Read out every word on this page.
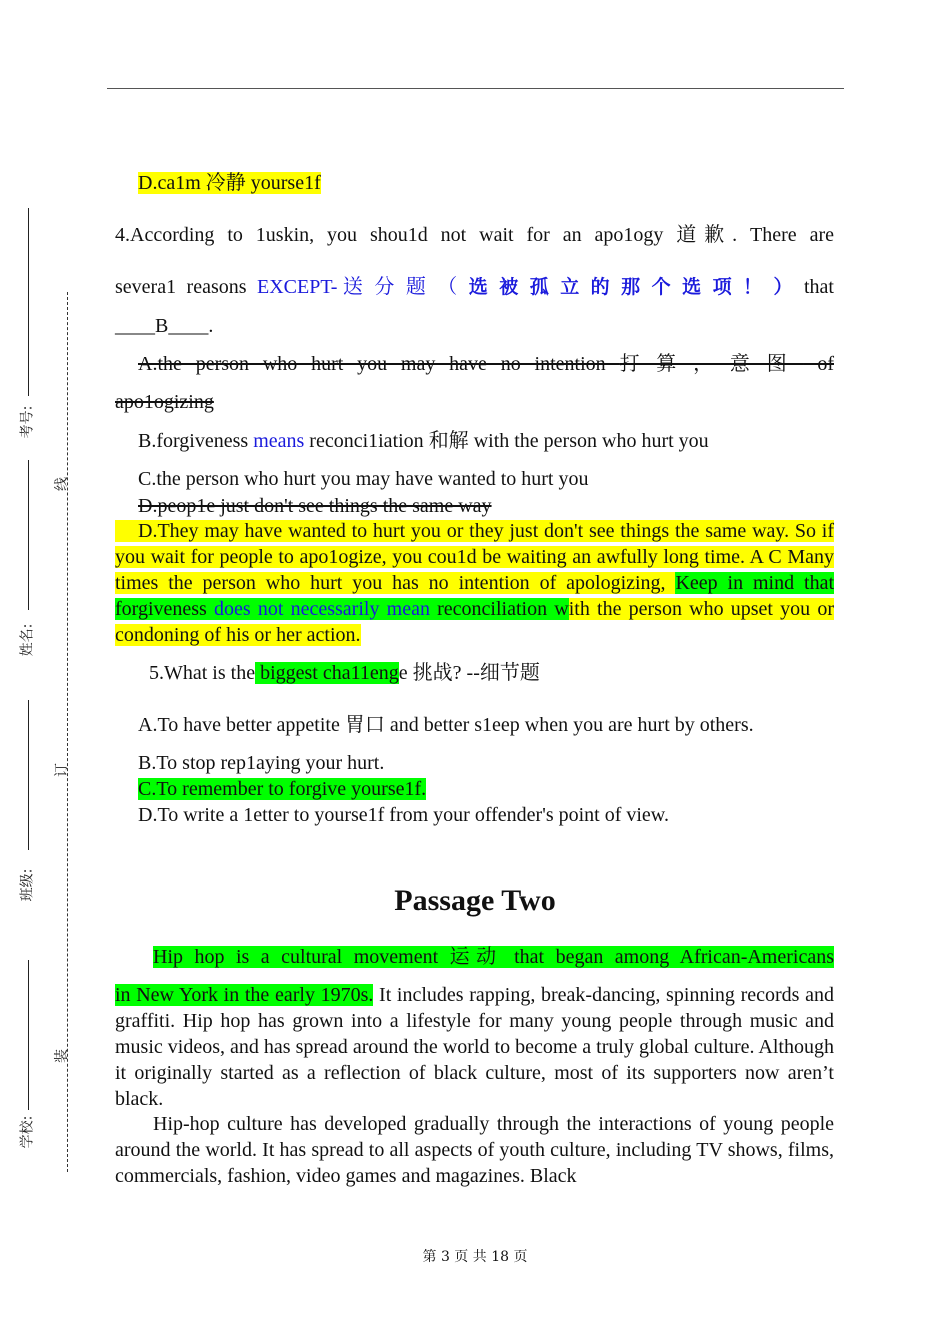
考号:
姓名:
班级:
学校:
线
订
装
D.ca1m 冷静 yourse1f
4.According to 1uskin, you shou1d not wait for an apo1ogy 道歉. There are
severa1 reasons EXCEPT-送分题（选被孤立的那个选项！）that
____B____.
A.the person who hurt you may have no intention 打算，意图 of
apo1ogizing
B.forgiveness means reconci1iation 和解 with the person who hurt you
C.the person who hurt you may have wanted to hurt you
D.peop1e just don't see things the same way
D.They may have wanted to hurt you or they just don't see things the same way. So if you wait for people to apo1ogize, you cou1d be waiting an awfully long time. A C Many times the person who hurt you has no intention of apologizing, Keep in mind that forgiveness does not necessarily mean reconciliation with the person who upset you or condoning of his or her action.
5.What is the biggest cha11enge 挑战? --细节题
A.To have better appetite 胃口 and better s1eep when you are hurt by others.
B.To stop rep1aying your hurt.
C.To remember to forgive yourse1f.
D.To write a 1etter to yourse1f from your offender's point of view.
Passage Two
Hip hop is a cultural movement 运动 that began among African-Americans
in New York in the early 1970s. It includes rapping, break-dancing, spinning records and graffiti. Hip hop has grown into a lifestyle for many young people through music and music videos, and has spread around the world to become a truly global culture. Although it originally started as a reflection of black culture, most of its supporters now aren’t black.
Hip-hop culture has developed gradually through the interactions of young people around the world. It has spread to all aspects of youth culture, including TV shows, films, commercials, fashion, video games and magazines. Black
第 3 页 共 18 页
